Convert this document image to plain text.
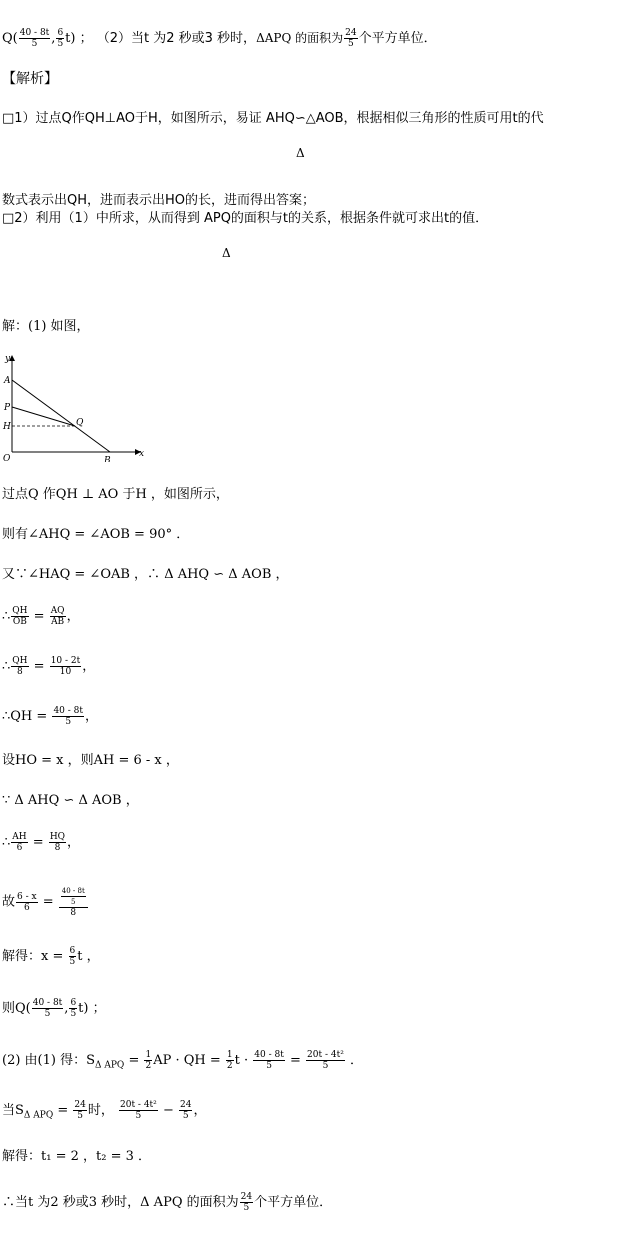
$Q( \frac{40 - 8t}{5}$ , $\frac{6}{5} t$) ； （2）当t 为2 秒或3 秒时，ΔAPQ 的面积为 $\frac{24}{5}$ 个平方单位．
【解析】
□1）过点Q作QH⊥AO于H，如图所示，易证 AHQ∽△AOB，根据相似三角形的性质可用t的代
Δ
数式表示出QH，进而表示出HO的长，进而得出答案；
□2）利用（1）中所求，从而得到 APQ的面积与t的关系，根据条件就可求出t的值．
Δ
解：(1) 如图，
y
x
A
P
H
O
Q
B
过点Q 作QH ⊥ AO 于H ，如图所示，
则有∠AHQ = ∠AOB = 90° ．
又∵∠HAQ = ∠OAB ，∴ Δ AHQ ∽ Δ AOB ，
∴ $\frac{QH}{OB} = \frac{AQ}{AB}$ ，
∴ $\frac{QH}{8} = \frac{10 - 2t}{10}$ ，
∴QH = $\frac{40 - 8t}{5}$ ，
设HO = x ，则AH = 6 - x ，
∵ Δ AHQ ∽ Δ AOB ，
∴ $\frac{AH}{6} = \frac{HQ}{8}$ ，
故 $\frac{6 - x}{6} = \frac{\frac{40 - 8t}{5}}{8}$
解得：$x = \frac{6}{5}$ t ，
则$Q( \frac{40 - 8t}{5}$ , $\frac{6}{5} t$) ；
(2) 由(1) 得：$S_{\Delta APQ} = \frac{1}{2}$ AP · QH = $\frac{1}{2}$ $t \cdot \frac{40 - 8t}{5} = \frac{\text{20t - 4t²}}{5}$ ．
当$S_{\Delta APQ} = \frac{24}{5}$ 时， $\frac{\text{20t - 4t²}}{5} - \frac{24}{5}$ ，
解得：t₁ = 2 ，t₂ = 3 ．
∴当t 为2 秒或3 秒时，Δ APQ 的面积为 $\frac{24}{5}$ 个平方单位．
